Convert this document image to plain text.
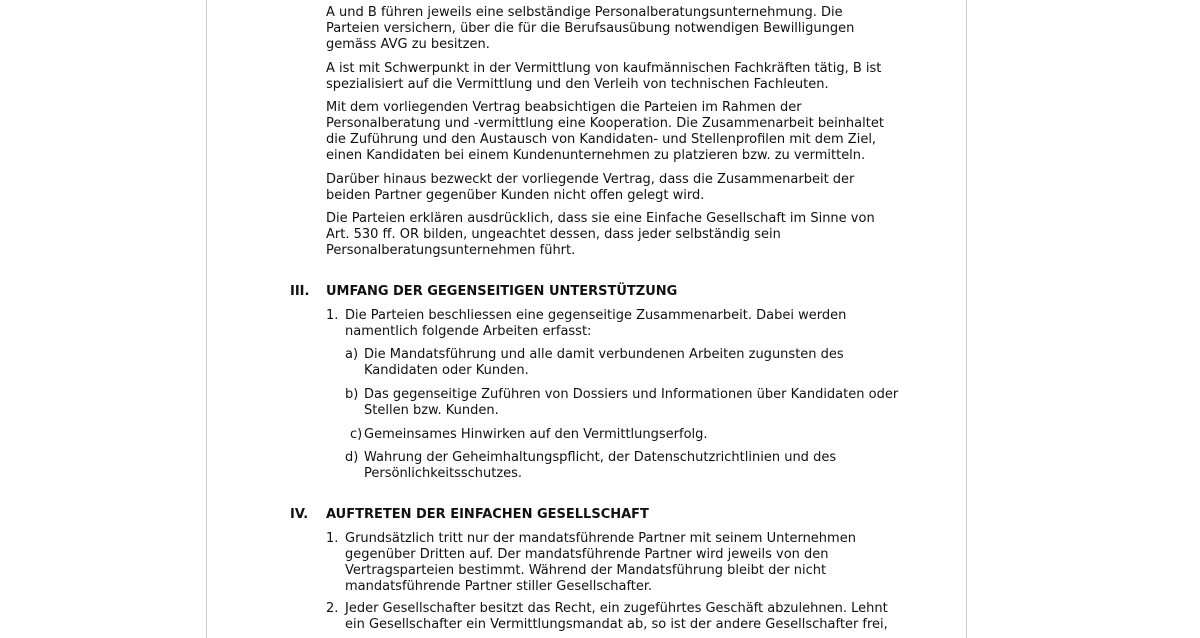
A und B führen jeweils eine selbständige Personalberatungsunternehmung. Die
Parteien versichern, über die für die Berufsausübung notwendigen Bewilligungen
gemäss AVG zu besitzen.
A ist mit Schwerpunkt in der Vermittlung von kaufmännischen Fachkräften tätig, B ist
spezialisiert auf die Vermittlung und den Verleih von technischen Fachleuten.
Mit dem vorliegenden Vertrag beabsichtigen die Parteien im Rahmen der
Personalberatung und -vermittlung eine Kooperation. Die Zusammenarbeit beinhaltet
die Zuführung und den Austausch von Kandidaten- und Stellenprofilen mit dem Ziel,
einen Kandidaten bei einem Kundenunternehmen zu platzieren bzw. zu vermitteln.
Darüber hinaus bezweckt der vorliegende Vertrag, dass die Zusammenarbeit der
beiden Partner gegenüber Kunden nicht offen gelegt wird.
Die Parteien erklären ausdrücklich, dass sie eine Einfache Gesellschaft im Sinne von
Art. 530 ff. OR bilden, ungeachtet dessen, dass jeder selbständig sein
Personalberatungsunternehmen führt.
III. UMFANG DER GEGENSEITIGEN UNTERSTÜTZUNG
1. Die Parteien beschliessen eine gegenseitige Zusammenarbeit. Dabei werden
namentlich folgende Arbeiten erfasst:
a) Die Mandatsführung und alle damit verbundenen Arbeiten zugunsten des
Kandidaten oder Kunden.
b) Das gegenseitige Zuführen von Dossiers und Informationen über Kandidaten oder
Stellen bzw. Kunden.
c) Gemeinsames Hinwirken auf den Vermittlungserfolg.
d) Wahrung der Geheimhaltungspflicht, der Datenschutzrichtlinien und des
Persönlichkeitsschutzes.
IV. AUFTRETEN DER EINFACHEN GESELLSCHAFT
1. Grundsätzlich tritt nur der mandatsführende Partner mit seinem Unternehmen
gegenüber Dritten auf. Der mandatsführende Partner wird jeweils von den
Vertragsparteien bestimmt. Während der Mandatsführung bleibt der nicht
mandatsführende Partner stiller Gesellschafter.
2. Jeder Gesellschafter besitzt das Recht, ein zugeführtes Geschäft abzulehnen. Lehnt
ein Gesellschafter ein Vermittlungsmandat ab, so ist der andere Gesellschafter frei,
